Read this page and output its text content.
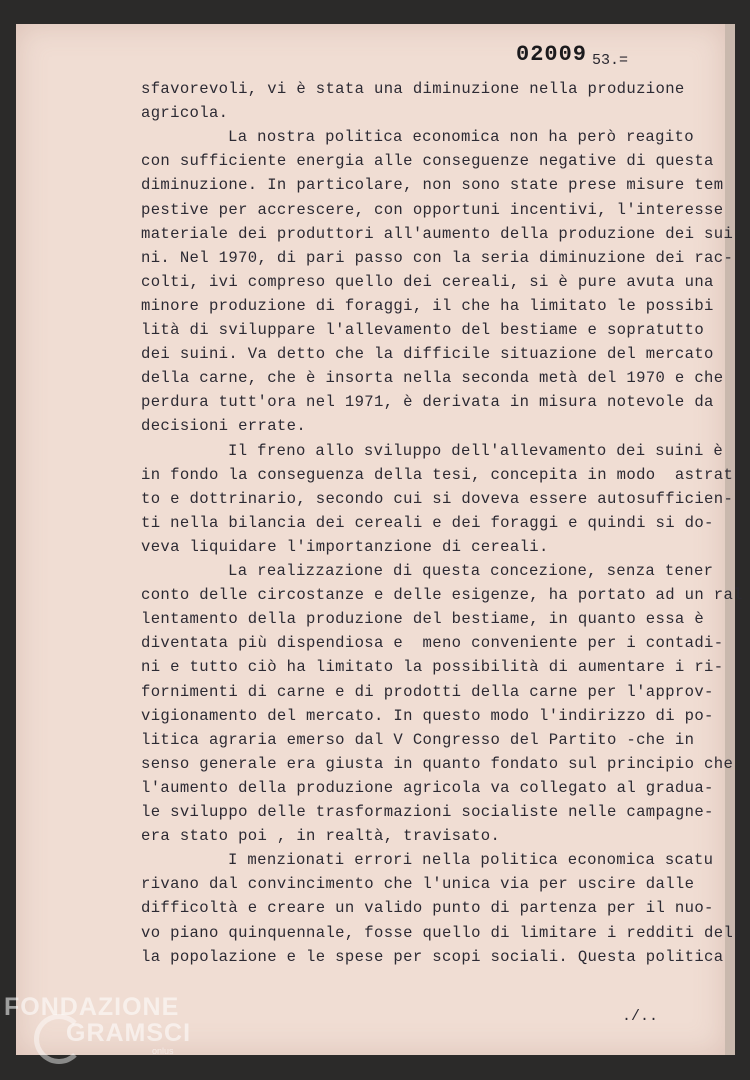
02009 53.=
sfavorevoli, vi è stata una diminuzione nella produzione
agricola.
La nostra politica economica non ha però reagito
con sufficiente energia alle conseguenze negative di questa
diminuzione. In particolare, non sono state prese misure tem
pestive per accrescere, con opportuni incentivi, l'interesse
materiale dei produttori all'aumento della produzione dei sui
ni. Nel 1970, di pari passo con la seria diminuzione dei rac-
colti, ivi compreso quello dei cereali, si è pure avuta una
minore produzione di foraggi, il che ha limitato le possibi
lità di sviluppare l'allevamento del bestiame e sopratutto
dei suini. Va detto che la difficile situazione del mercato
della carne, che è insorta nella seconda metà del 1970 e che
perdura tutt'ora nel 1971, è derivata in misura notevole da
decisioni errate.
Il freno allo sviluppo dell'allevamento dei suini è
in fondo la conseguenza della tesi, concepita in modo  astrat
to e dottrinario, secondo cui si doveva essere autosufficien-
ti nella bilancia dei cereali e dei foraggi e quindi si do-
veva liquidare l'importanzione di cereali.
La realizzazione di questa concezione, senza tener
conto delle circostanze e delle esigenze, ha portato ad un ral
lentamento della produzione del bestiame, in quanto essa è
diventata più dispendiosa e  meno conveniente per i contadi-
ni e tutto ciò ha limitato la possibilità di aumentare i ri-
fornimenti di carne e di prodotti della carne per l'approv-
vigionamento del mercato. In questo modo l'indirizzo di po-
litica agraria emerso dal V Congresso del Partito -che in
senso generale era giusta in quanto fondato sul principio che
l'aumento della produzione agricola va collegato al gradua-
le sviluppo delle trasformazioni socialiste nelle campagne-
era stato poi , in realtà, travisato.
I menzionati errori nella politica economica scatu
rivano dal convincimento che l'unica via per uscire dalle
difficoltà e creare un valido punto di partenza per il nuo-
vo piano quinquennale, fosse quello di limitare i redditi del
la popolazione e le spese per scopi sociali. Questa politica
./..
FONDAZIONE
GRAMSCI
onlus
